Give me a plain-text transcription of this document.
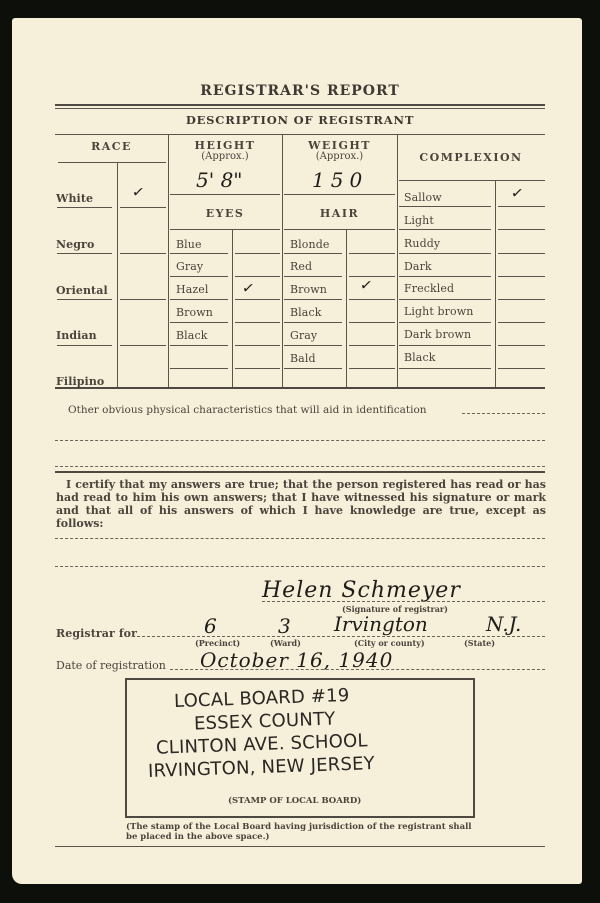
REGISTRAR'S REPORT
DESCRIPTION OF REGISTRANT
RACE
White	✓
Negro
Oriental
Indian
Filipino
HEIGHT
(Approx.)
5' 8"
EYES
Blue
Gray
Hazel ✓
Brown
Black
WEIGHT
(Approx.)
150
HAIR
Blonde
Red
Brown ✓
Black
Gray
Bald
COMPLEXION
Sallow	✓
Light
Ruddy
Dark
Freckled
Light brown
Dark brown
Black
Other obvious physical characteristics that will aid in identification
I certify that my answers are true; that the person registered has read or has had read to him his own answers; that I have witnessed his signature or mark and that all of his answers of which I have knowledge are true, except as follows:
Helen Schmeyer
(Signature of registrar)
Registrar for	6
(Precinct)
3
(Ward)
Irvington
(City or county)
N.J.
(State)
Date of registration October 16, 1940
LOCAL BOARD #19
ESSEX COUNTY
CLINTON AVE. SCHOOL
IRVINGTON, NEW JERSEY
(STAMP OF LOCAL BOARD)
(The stamp of the Local Board having jurisdiction of the registrant shall be placed in the above space.)
